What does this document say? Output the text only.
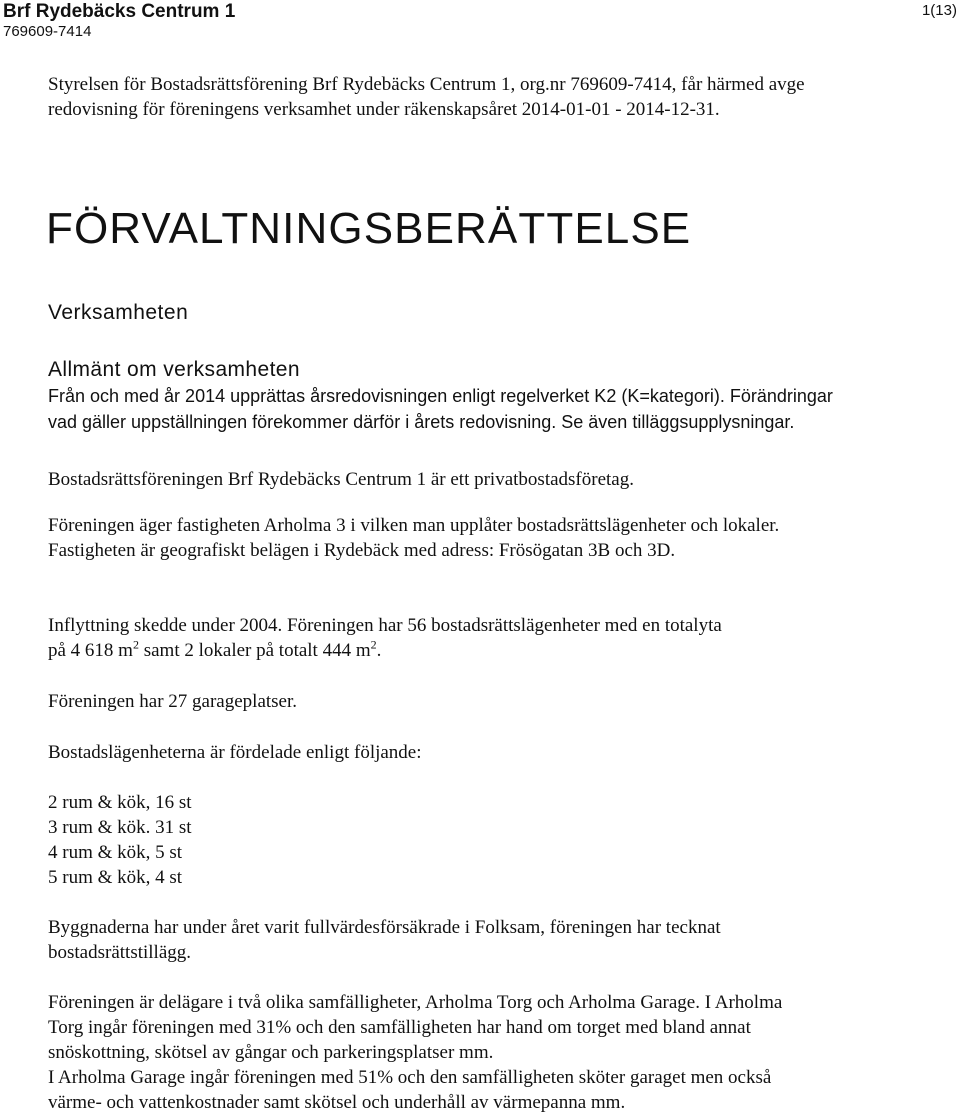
Brf Rydebäcks Centrum 1
769609-7414
1(13)

Styrelsen för Bostadsrättsförening Brf Rydebäcks Centrum 1, org.nr 769609-7414, får härmed avge
redovisning för föreningens verksamhet under räkenskapsåret 2014-01-01 - 2014-12-31.

FÖRVALTNINGSBERÄTTELSE
Verksamheten
Allmänt om verksamheten

Från och med år 2014 upprättas årsredovisningen enligt regelverket K2 (K=kategori). Förändringar
vad gäller uppställningen förekommer därför i årets redovisning. Se även tilläggsupplysningar.

Bostadsrättsföreningen Brf Rydebäcks Centrum 1 är ett privatbostadsföretag.

Föreningen äger fastigheten Arholma 3 i vilken man upplåter bostadsrättslägenheter och lokaler.
Fastigheten är geografiskt belägen i Rydebäck med adress: Frösögatan 3B och 3D.

Inflyttning skedde under 2004. Föreningen har 56 bostadsrättslägenheter med en totalyta
på 4 618 $m^2$ samt 2 lokaler på totalt 444 $m^2$.

Föreningen har 27 garageplatser.

Bostadslägenheterna är fördelade enligt följande:

2 rum & kök, 16 st
3 rum & kök. 31 st
4 rum & kök, 5 st
5 rum & kök, 4 st

Byggnaderna har under året varit fullvärdesförsäkrade i Folksam, föreningen har tecknat
bostadsrättstillägg.

Föreningen är delägare i två olika samfälligheter, Arholma Torg och Arholma Garage. I Arholma
Torg ingår föreningen med 31% och den samfälligheten har hand om torget med bland annat
snöskottning, skötsel av gångar och parkeringsplatser mm.
I Arholma Garage ingår föreningen med 51% och den samfälligheten sköter garaget men också
värme- och vattenkostnader samt skötsel och underhåll av värmepanna mm.
